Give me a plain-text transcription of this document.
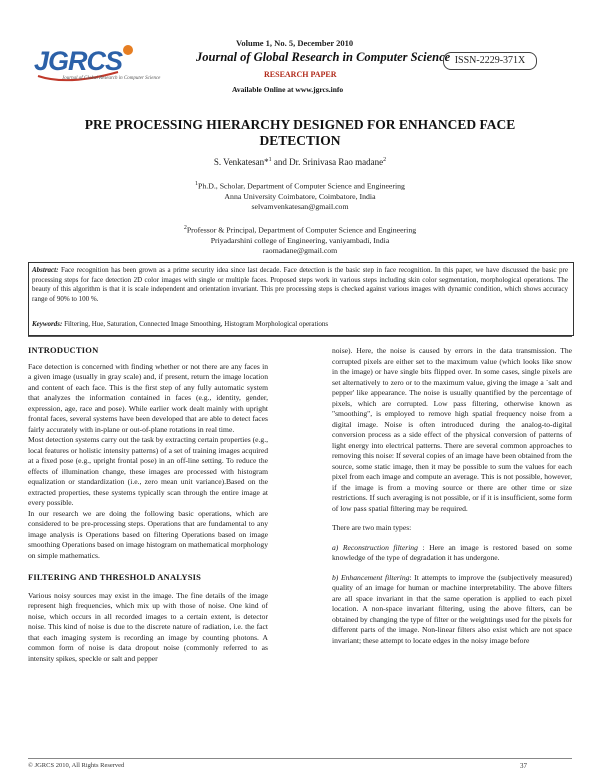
JGRCS
Journal of Global Research in Computer Science
Volume 1, No. 5, December 2010
Journal of Global Research in Computer Science ISSN-2229-371X
RESEARCH PAPER
Available Online at www.jgrcs.info
PRE PROCESSING HIERARCHY DESIGNED FOR ENHANCED FACE DETECTION
S. Venkatesan*$^1$ and Dr. Srinivasa Rao madane$^2$
$^1$Ph.D., Scholar, Department of Computer Science and Engineering
Anna University Coimbatore, Coimbatore, India
selvamvenkatesan@gmail.com
$^2$Professor & Principal, Department of Computer Science and Engineering
Priyadarshini college of Engineering, vaniyambadi, India
raomadane@gmail.com
Abstract: Face recognition has been grown as a prime security idea since last decade. Face detection is the basic step in face recognition. In this paper, we have discussed the basic pre processing steps for face detection 2D color images with single or multiple faces. Proposed steps work in various steps including skin color segmentation, morphological operations. The beauty of this algorithm is that it is scale independent and orientation invariant. This pre processing steps is checked against various images with dynamic condition, which shows accuracy range of 90% to 100 %.
Keywords: Filtering, Hue, Saturation, Connected Image Smoothing, Histogram Morphological operations
INTRODUCTION

Face detection is concerned with finding whether or not there are any faces in a given image (usually in gray scale) and, if present, return the image location and content of each face. This is the first step of any fully automatic system that analyzes the information contained in faces (e.g., identity, gender, expression, age, race and pose). While earlier work dealt mainly with upright frontal faces, several systems have been developed that are able to detect faces fairly accurately with in-plane or out-of-plane rotations in real time.

Most detection systems carry out the task by extracting certain properties (e.g., local features or holistic intensity patterns) of a set of training images acquired at a fixed pose (e.g., upright frontal pose) in an off-line setting. To reduce the effects of illumination change, these images are processed with histogram equalization or standardization (i.e., zero mean unit variance).Based on the extracted properties, these systems typically scan through the entire image at every possible.

In our research we are doing the following basic operations, which are considered to be pre-processing steps. Operations that are fundamental to any image analysis is Operations based on filtering Operations based on image smoothing Operations based on image histogram on mathematical morphology on simple mathematics.

FILTERING AND THRESHOLD ANALYSIS

Various noisy sources may exist in the image. The fine details of the image represent high frequencies, which mix up with those of noise. One kind of noise, which occurs in all recorded images to a certain extent, is detector noise. This kind of noise is due to the discrete nature of radiation, i.e. the fact that each imaging system is recording an image by counting photons. A common form of noise is data dropout noise (commonly referred to as intensity spikes, speckle or salt and pepper

noise). Here, the noise is caused by errors in the data transmission. The corrupted pixels are either set to the maximum value (which looks like snow in the image) or have single bits flipped over. In some cases, single pixels are set alternatively to zero or to the maximum value, giving the image a `salt and pepper' like appearance. The noise is usually quantified by the percentage of pixels, which are corrupted. Low pass filtering, otherwise known as "smoothing", is employed to remove high spatial frequency noise from a digital image. Noise is often introduced during the analog-to-digital conversion process as a side effect of the physical conversion of patterns of light energy into electrical patterns. There are several common approaches to removing this noise: If several copies of an image have been obtained from the source, some static image, then it may be possible to sum the values for each pixel from each image and compute an average. This is not possible, however, if the image is from a moving source or there are other time or size restrictions. If such averaging is not possible, or if it is insufficient, some form of low pass spatial filtering may be required.

There are two main types:

a) Reconstruction filtering : Here an image is restored based on some knowledge of the type of degradation it has undergone.

b) Enhancement filtering: It attempts to improve the (subjectively measured) quality of an image for human or machine interpretability. The above filters are all space invariant in that the same operation is applied to each pixel location. A non-space invariant filtering, using the above filters, can be obtained by changing the type of filter or the weightings used for the pixels for different parts of the image. Non-linear filters also exist which are not space invariant; these attempt to locate edges in the noisy image before

© JGRCS 2010, All Rights Reserved	37
